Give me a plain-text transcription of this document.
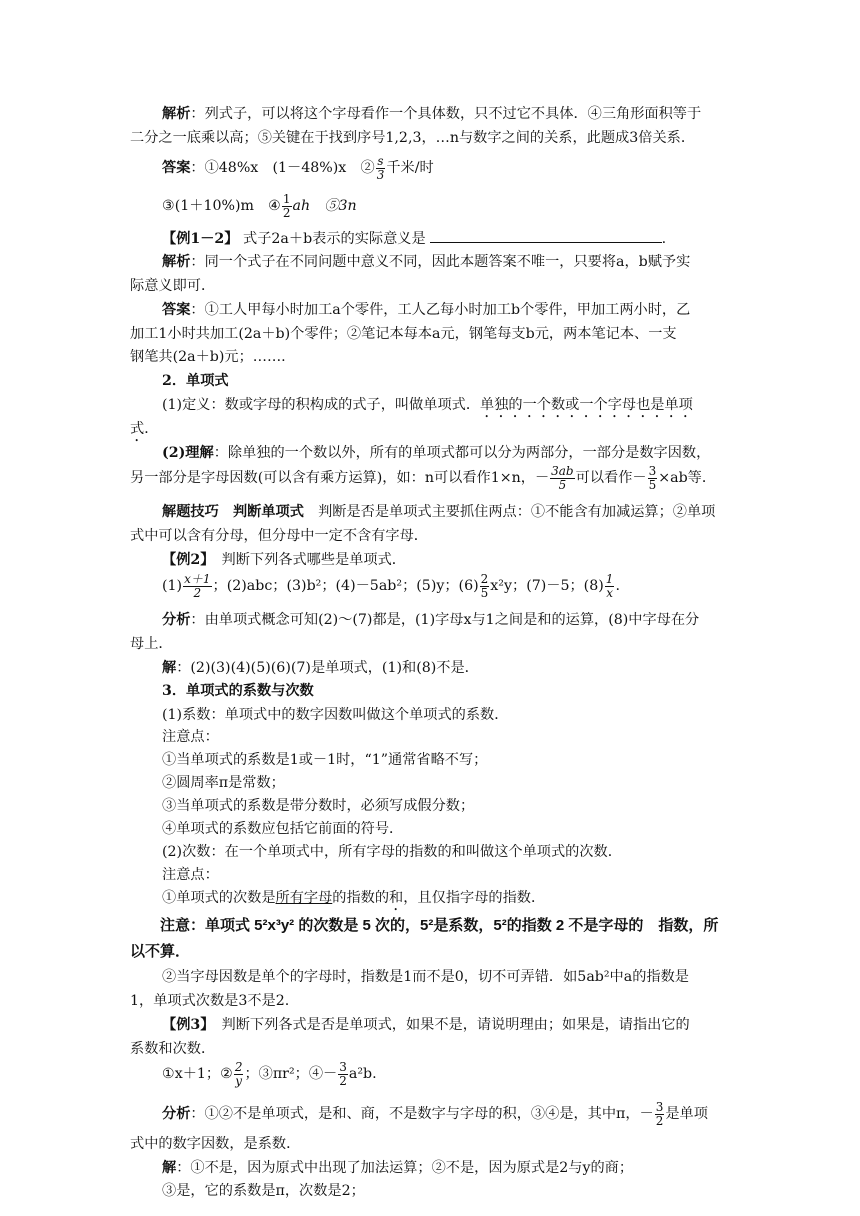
解析：列式子，可以将这个字母看作一个具体数，只不过它不具体．④三角形面积等于
二分之一底乘以高；⑤关键在于找到序号1,2,3，…n与数字之间的关系，此题成3倍关系．
答案：①48%x　(1－48%)x　② $\frac{s}{3}$ 千米/时
③(1＋10%)m　④ $\frac{1}{2}$ ah　⑤3n
【例1－2】 式子2a＋b表示的实际意义是	.
解析：同一个式子在不同问题中意义不同，因此本题答案不唯一，只要将a，b赋予实
际意义即可．
答案：①工人甲每小时加工a个零件，工人乙每小时加工b个零件，甲加工两小时，乙
加工1小时共加工(2a＋b)个零件；②笔记本每本a元，钢笔每支b元，两本笔记本、一支
钢笔共(2a＋b)元；…….
2．单项式
(1)定义：数或字母的积构成的式子，叫做单项式．单独的一个数或一个字母也是单项
式．
(2)理解：除单独的一个数以外，所有的单项式都可以分为两部分，一部分是数字因数，
另一部分是字母因数(可以含有乘方运算)，如：n可以看作1×n，－ $\frac{3ab}{5}$ 可以看作－ $\frac{3}{5} \times ab$等．
解题技巧　判断单项式　判断是否是单项式主要抓住两点：①不能含有加减运算；②单项
式中可以含有分母，但分母中一定不含有字母．
【例2】　 判断下列各式哪些是单项式．
$(1) \frac{x+1}{2}$ ；(2)abc；(3)b²；(4)－5ab²；(5)y；$(6) \frac{2}{5} x^2y$；(7)－5；$(8) \frac{1}{x}$ .
分析：由单项式概念可知(2)～(7)都是，(1)字母x与1之间是和的运算，(8)中字母在分
母上．
解：(2)(3)(4)(5)(6)(7)是单项式，(1)和(8)不是．
3．单项式的系数与次数
(1)系数：单项式中的数字因数叫做这个单项式的系数．
注意点：
①当单项式的系数是1或－1时，“1”通常省略不写；
②圆周率π是常数；
③当单项式的系数是带分数时，必须写成假分数；
④单项式的系数应包括它前面的符号．
(2)次数：在一个单项式中，所有字母的指数的和叫做这个单项式的次数．
注意点：
①单项式的次数是所有字母的指数的和，且仅指字母的指数．
注意：单项式 5²x³y² 的次数是 5 次的，5²是系数，5²的指数 2 不是字母的　指数，所
以不算．
②当字母因数是单个的字母时，指数是1而不是0，切不可弄错．如5ab²中a的指数是
1，单项式次数是3不是2.
【例3】　 判断下列各式是否是单项式，如果不是，请说明理由；如果是，请指出它的
系数和次数．
①x＋1；② $\frac{2}{y}$ ；③πr²；④－ $\frac{3}{2} a^2b$.
分析：①②不是单项式，是和、商，不是数字与字母的积，③④是，其中π，－ $\frac{3}{2}$ 是单项
式中的数字因数，是系数．
解：①不是，因为原式中出现了加法运算；②不是，因为原式是2与y的商；
③是，它的系数是π，次数是2；
